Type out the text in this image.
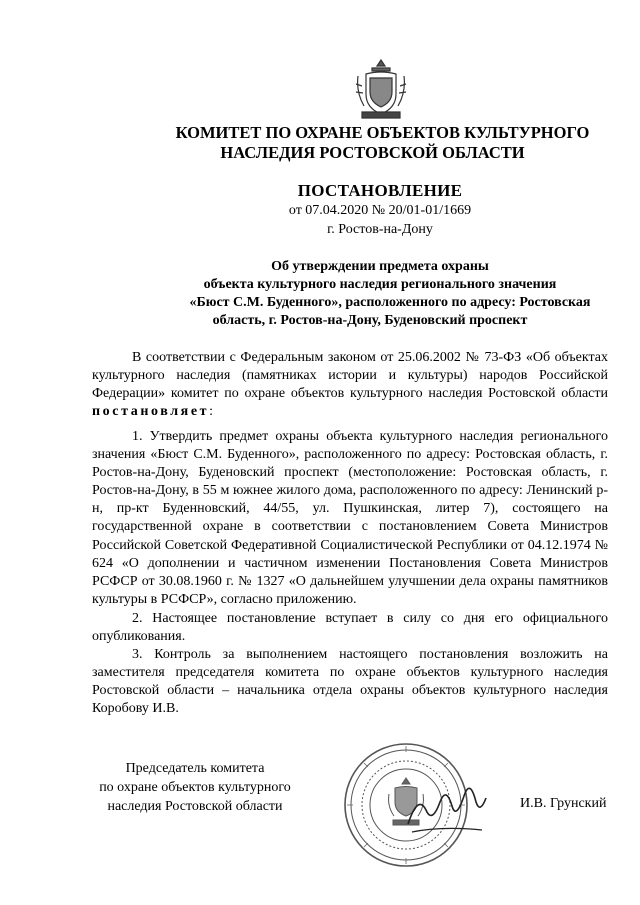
КОМИТЕТ ПО ОХРАНЕ ОБЪЕКТОВ КУЛЬТУРНОГО
НАСЛЕДИЯ РОСТОВСКОЙ ОБЛАСТИ
ПОСТАНОВЛЕНИЕ
от 07.04.2020 № 20/01-01/1669
г. Ростов-на-Дону
Об утверждении предмета охраны
объекта культурного наследия регионального значения
«Бюст С.М. Буденного», расположенного по адресу: Ростовская
область, г. Ростов-на-Дону, Буденовский проспект

В соответствии с Федеральным законом от 25.06.2002 № 73-ФЗ «Об объектах культурного наследия (памятниках истории и культуры) народов Российской Федерации» комитет по охране объектов культурного наследия Ростовской области постановляет:

1. Утвердить предмет охраны объекта культурного наследия регионального значения «Бюст С.М. Буденного», расположенного по адресу: Ростовская область, г. Ростов-на-Дону, Буденовский проспект (местоположение: Ростовская область, г. Ростов-на-Дону, в 55 м южнее жилого дома, расположенного по адресу: Ленинский р-н, пр-кт Буденновский, 44/55, ул. Пушкинская, литер 7), состоящего на государственной охране в соответствии с постановлением Совета Министров Российской Советской Федеративной Социалистической Республики от 04.12.1974 № 624 «О дополнении и частичном изменении Постановления Совета Министров РСФСР от 30.08.1960 г. № 1327 «О дальнейшем улучшении дела охраны памятников культуры в РСФСР», согласно приложению.

2. Настоящее постановление вступает в силу со дня его официального опубликования.

3. Контроль за выполнением настоящего постановления возложить на заместителя председателя комитета по охране объектов культурного наследия Ростовской области – начальника отдела охраны объектов культурного наследия Коробову И.В.

Председатель комитета
по охране объектов культурного
наследия Ростовской области	И.В. Грунский
